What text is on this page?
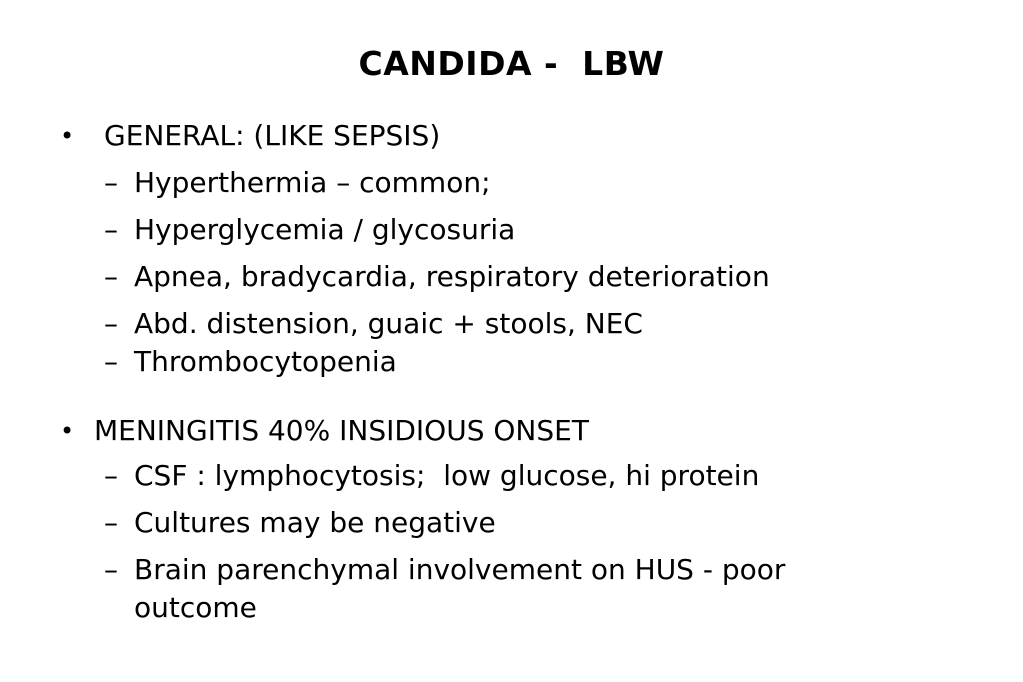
CANDIDA -  LBW
• GENERAL: (LIKE SEPSIS)
– Hyperthermia – common;
– Hyperglycemia / glycosuria
– Apnea, bradycardia, respiratory deterioration
– Abd. distension, guaic + stools, NEC
– Thrombocytopenia
• MENINGITIS 40% INSIDIOUS ONSET
– CSF : lymphocytosis;  low glucose, hi protein
– Cultures may be negative
– Brain parenchymal involvement on HUS - poor
outcome
